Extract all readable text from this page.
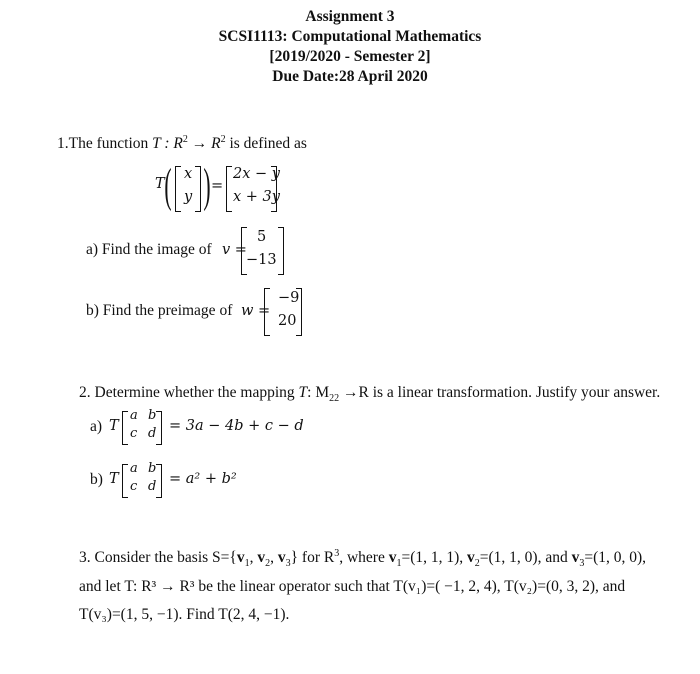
Assignment 3
SCSI1113: Computational Mathematics
[2019/2020 - Semester 2]
Due Date:28 April 2020
1.The function T : $R^2 \to R^2$ is defined as
T ( x
y ) =
2x − y
x + 3y
a) Find the image of v =
5
−13
b) Find the preimage of w =
−9
20
2. Determine whether the mapping T: $M_{22} \to R$ is a linear transformation. Justify your answer.
a) T
a b
c d = 3a − 4b + c − d
b) T
a b
c d = a² + b²
3. Consider the basis $S=\{v_1$, $v_2$, $v_3$} for $R^3$, where $v_1=(1$, 1, 1), $v_2=(1$, 1, 0), and $v_3=(1$, 0, 0),
and let T: R³ → R³ be the linear operator such that T(v₁)=( −1, 2, 4), T(v₂)=(0, 3, 2), and
T(v₃)=(1, 5, −1). Find T(2, 4, −1).
